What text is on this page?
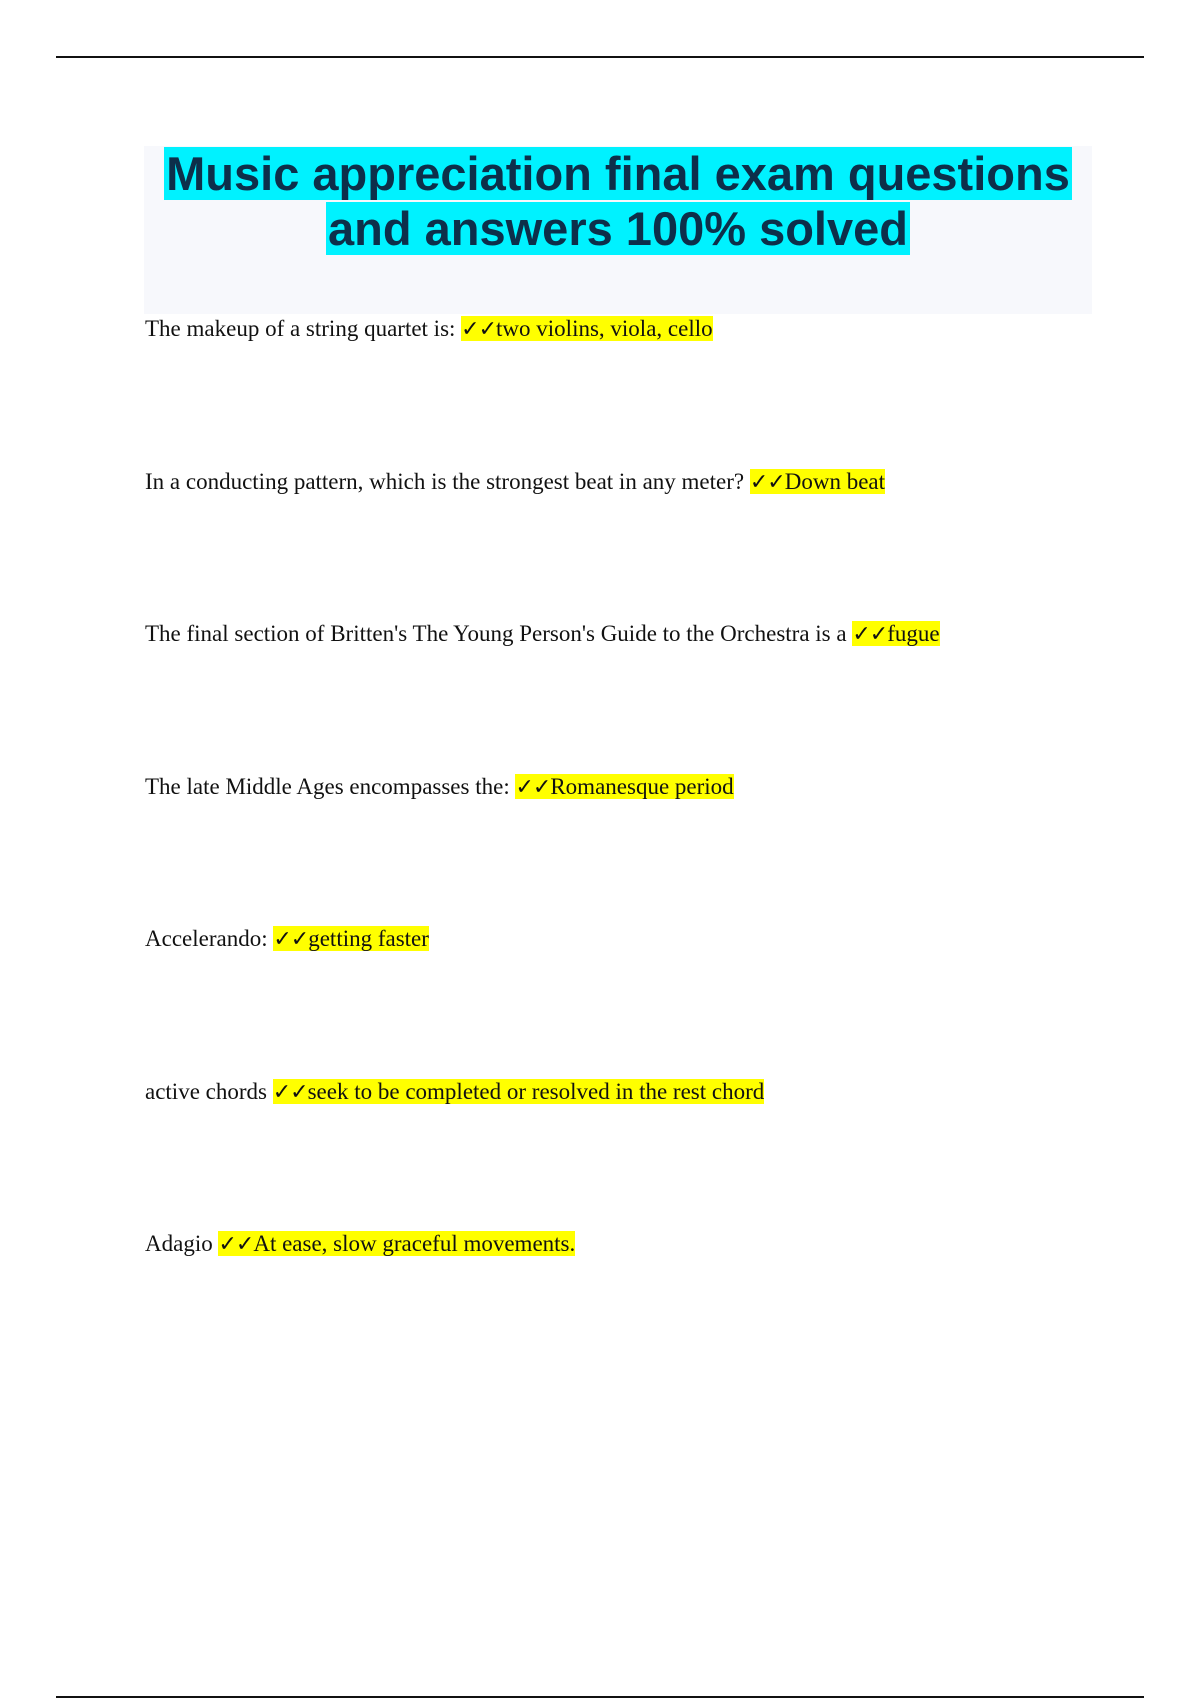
Music appreciation final exam questions
and answers 100% solved
The makeup of a string quartet is: ✓✓two violins, viola, cello
In a conducting pattern, which is the strongest beat in any meter? ✓✓Down beat
The final section of Britten's The Young Person's Guide to the Orchestra is a ✓✓fugue
The late Middle Ages encompasses the: ✓✓Romanesque period
Accelerando: ✓✓getting faster
active chords ✓✓seek to be completed or resolved in the rest chord
Adagio ✓✓At ease, slow graceful movements.
